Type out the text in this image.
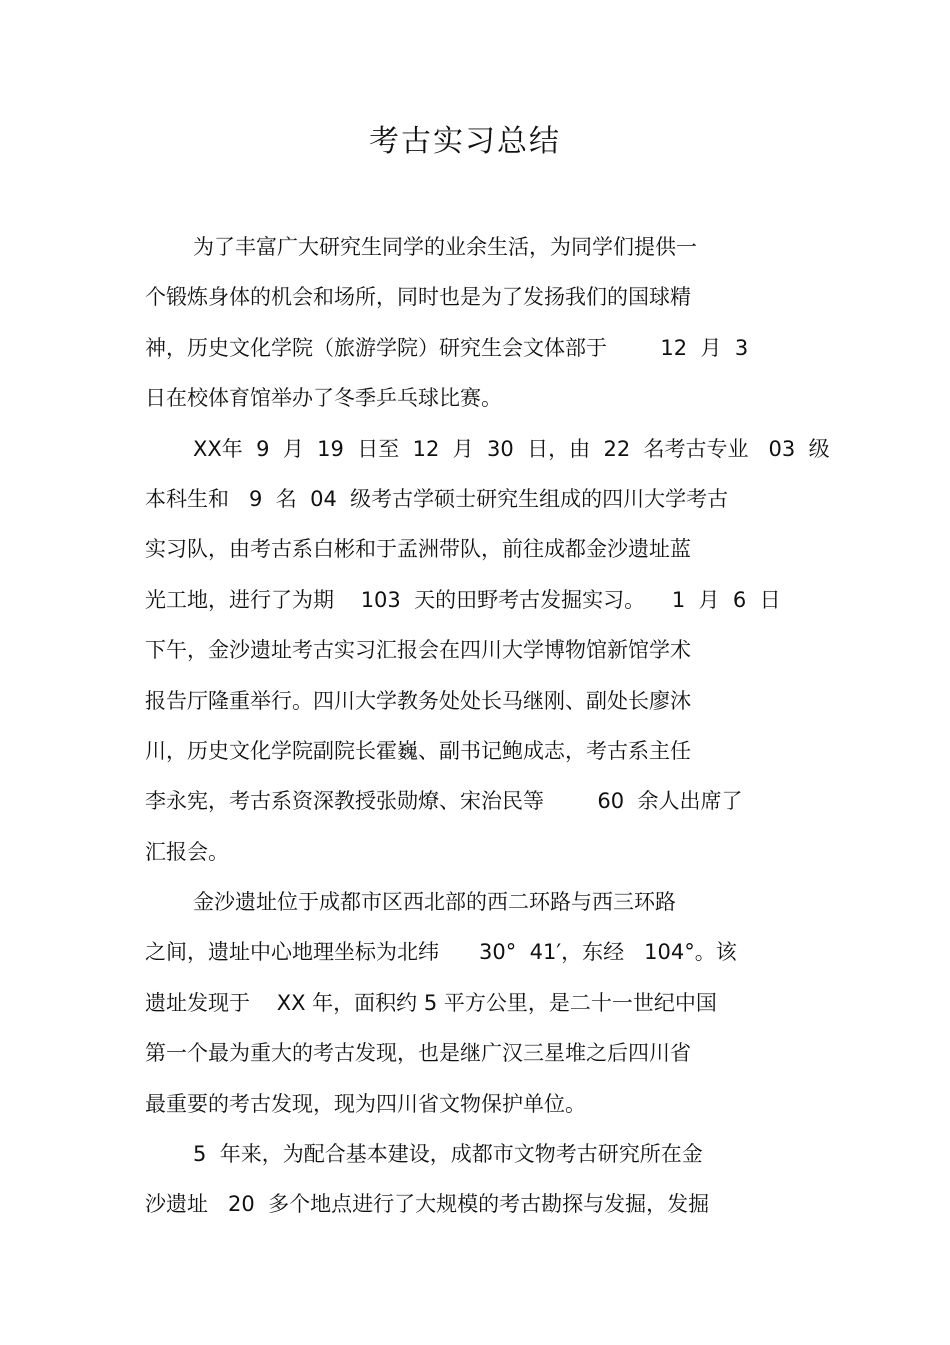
考古实习总结
为了丰富广大研究生同学的业余生活，为同学们提供一
个锻炼身体的机会和场所，同时也是为了发扬我们的国球精
神，历史文化学院（旅游学院）研究生会文体部于        12  月  3
日在校体育馆举办了冬季乒乓球比赛。
XX年  9  月  19  日至  12  月  30  日，由  22  名考古专业   03  级
本科生和   9  名  04  级考古学硕士研究生组成的四川大学考古
实习队，由考古系白彬和于孟洲带队，前往成都金沙遗址蓝
光工地，进行了为期    103  天的田野考古发掘实习。    1  月  6  日
下午，金沙遗址考古实习汇报会在四川大学博物馆新馆学术
报告厅隆重举行。四川大学教务处处长马继刚、副处长廖沐
川，历史文化学院副院长霍巍、副书记鲍成志，考古系主任
李永宪，考古系资深教授张勋燎、宋治民等        60  余人出席了
汇报会。
金沙遗址位于成都市区西北部的西二环路与西三环路
之间，遗址中心地理坐标为北纬      30°  41′，东经   104°。该
遗址发现于    XX 年，面积约 5 平方公里，是二十一世纪中国
第一个最为重大的考古发现，也是继广汉三星堆之后四川省
最重要的考古发现，现为四川省文物保护单位。
5  年来，为配合基本建设，成都市文物考古研究所在金
沙遗址   20  多个地点进行了大规模的考古勘探与发掘，发掘
